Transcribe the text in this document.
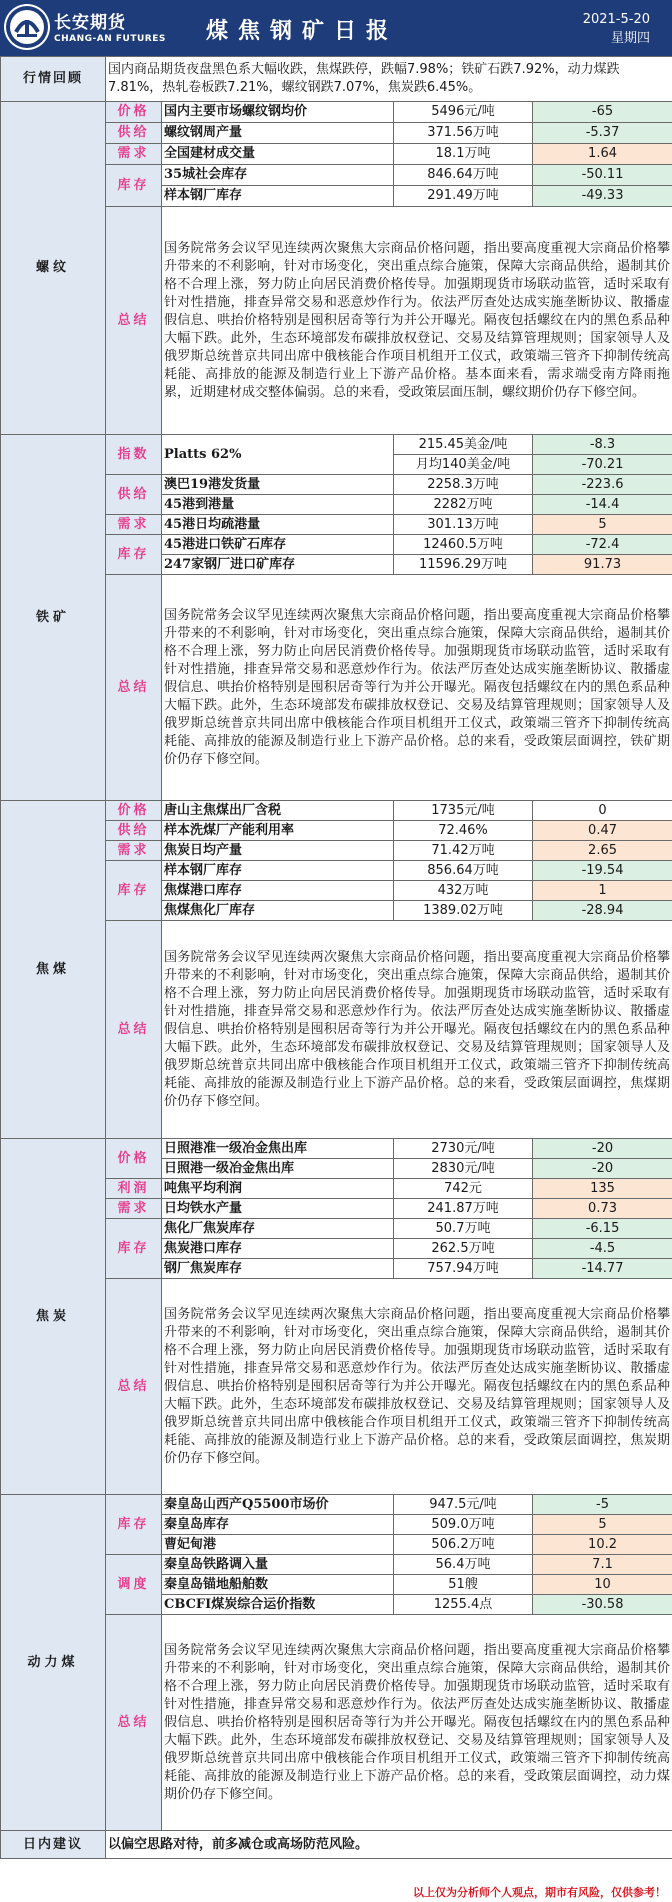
长安期货
CHANG-AN FUTURES 煤焦钢矿日报	2021-5-20
星期四
行情回顾	国内商品期货夜盘黑色系大幅收跌，焦煤跌停，跌幅7.98%；铁矿石跌7.92%，动力煤跌7.81%，热轧卷板跌7.21%，螺纹钢跌7.07%，焦炭跌6.45%。			
螺纹	价格	国内主要市场螺纹钢均价	5496元/吨	-65
	供给	螺纹钢周产量	371.56万吨	-5.37
	需求	全国建材成交量	18.1万吨	1.64
	库存	35城社会库存	846.64万吨	-50.11
		样本钢厂库存	291.49万吨	-49.33
	总结	国务院常务会议罕见连续两次聚焦大宗商品价格问题，指出要高度重视大宗商品价格攀升带来的不利影响，针对市场变化，突出重点综合施策，保障大宗商品供给，遏制其价格不合理上涨，努力防止向居民消费价格传导。加强期现货市场联动监管，适时采取有针对性措施，排查异常交易和恶意炒作行为。依法严厉查处达成实施垄断协议、散播虚假信息、哄抬价格特别是囤积居奇等行为并公开曝光。隔夜包括螺纹在内的黑色系品种大幅下跌。此外，生态环境部发布碳排放权登记、交易及结算管理规则；国家领导人及俄罗斯总统普京共同出席中俄核能合作项目机组开工仪式，政策端三管齐下抑制传统高耗能、高排放的能源及制造行业上下游产品价格。基本面来看，需求端受南方降雨拖累，近期建材成交整体偏弱。总的来看，受政策层面压制，螺纹期价仍存下修空间。		
铁矿	指数	Platts 62%	215.45美金/吨	-8.3
			月均140美金/吨	-70.21
	供给	澳巴19港发货量	2258.3万吨	-223.6
		45港到港量	2282万吨	-14.4
	需求	45港日均疏港量	301.13万吨	5
	库存	45港进口铁矿石库存	12460.5万吨	-72.4
		247家钢厂进口矿库存	11596.29万吨	91.73
	总结	国务院常务会议罕见连续两次聚焦大宗商品价格问题，指出要高度重视大宗商品价格攀升带来的不利影响，针对市场变化，突出重点综合施策，保障大宗商品供给，遏制其价格不合理上涨，努力防止向居民消费价格传导。加强期现货市场联动监管，适时采取有针对性措施，排查异常交易和恶意炒作行为。依法严厉查处达成实施垄断协议、散播虚假信息、哄抬价格特别是囤积居奇等行为并公开曝光。隔夜包括螺纹在内的黑色系品种大幅下跌。此外，生态环境部发布碳排放权登记、交易及结算管理规则；国家领导人及俄罗斯总统普京共同出席中俄核能合作项目机组开工仪式，政策端三管齐下抑制传统高耗能、高排放的能源及制造行业上下游产品价格。总的来看，受政策层面调控，铁矿期价仍存下修空间。		
焦煤	价格	唐山主焦煤出厂含税	1735元/吨	0
	供给	样本洗煤厂产能利用率	72.46%	0.47
	需求	焦炭日均产量	71.42万吨	2.65
	库存	样本钢厂库存	856.64万吨	-19.54
		焦煤港口库存	432万吨	1
		焦煤焦化厂库存	1389.02万吨	-28.94
	总结	国务院常务会议罕见连续两次聚焦大宗商品价格问题，指出要高度重视大宗商品价格攀升带来的不利影响，针对市场变化，突出重点综合施策，保障大宗商品供给，遏制其价格不合理上涨，努力防止向居民消费价格传导。加强期现货市场联动监管，适时采取有针对性措施，排查异常交易和恶意炒作行为。依法严厉查处达成实施垄断协议、散播虚假信息、哄抬价格特别是囤积居奇等行为并公开曝光。隔夜包括螺纹在内的黑色系品种大幅下跌。此外，生态环境部发布碳排放权登记、交易及结算管理规则；国家领导人及俄罗斯总统普京共同出席中俄核能合作项目机组开工仪式，政策端三管齐下抑制传统高耗能、高排放的能源及制造行业上下游产品价格。总的来看，受政策层面调控，焦煤期价仍存下修空间。		
焦炭	价格	日照港准一级冶金焦出库	2730元/吨	-20
		日照港一级冶金焦出库	2830元/吨	-20
	利润	吨焦平均利润	742元	135
	需求	日均铁水产量	241.87万吨	0.73
	库存	焦化厂焦炭库存	50.7万吨	-6.15
		焦炭港口库存	262.5万吨	-4.5
		钢厂焦炭库存	757.94万吨	-14.77
	总结	国务院常务会议罕见连续两次聚焦大宗商品价格问题，指出要高度重视大宗商品价格攀升带来的不利影响，针对市场变化，突出重点综合施策，保障大宗商品供给，遏制其价格不合理上涨，努力防止向居民消费价格传导。加强期现货市场联动监管，适时采取有针对性措施，排查异常交易和恶意炒作行为。依法严厉查处达成实施垄断协议、散播虚假信息、哄抬价格特别是囤积居奇等行为并公开曝光。隔夜包括螺纹在内的黑色系品种大幅下跌。此外，生态环境部发布碳排放权登记、交易及结算管理规则；国家领导人及俄罗斯总统普京共同出席中俄核能合作项目机组开工仪式，政策端三管齐下抑制传统高耗能、高排放的能源及制造行业上下游产品价格。总的来看，受政策层面调控，焦炭期价仍存下修空间。		
动力煤	库存	秦皇岛山西产Q5500市场价	947.5元/吨	-5
		秦皇岛库存	509.0万吨	5
		曹妃甸港	506.2万吨	10.2
	调度	秦皇岛铁路调入量	56.4万吨	7.1
		秦皇岛锚地船舶数	51艘	10
		CBCFI煤炭综合运价指数	1255.4点	-30.58
	总结	国务院常务会议罕见连续两次聚焦大宗商品价格问题，指出要高度重视大宗商品价格攀升带来的不利影响，针对市场变化，突出重点综合施策，保障大宗商品供给，遏制其价格不合理上涨，努力防止向居民消费价格传导。加强期现货市场联动监管，适时采取有针对性措施，排查异常交易和恶意炒作行为。依法严厉查处达成实施垄断协议、散播虚假信息、哄抬价格特别是囤积居奇等行为并公开曝光。隔夜包括螺纹在内的黑色系品种大幅下跌。此外，生态环境部发布碳排放权登记、交易及结算管理规则；国家领导人及俄罗斯总统普京共同出席中俄核能合作项目机组开工仪式，政策端三管齐下抑制传统高耗能、高排放的能源及制造行业上下游产品价格。总的来看，受政策层面调控，动力煤期价仍存下修空间。		
日内建议	以偏空思路对待，前多减仓或高场防范风险。			
以上仅为分析师个人观点，期市有风险，仅供参考！
